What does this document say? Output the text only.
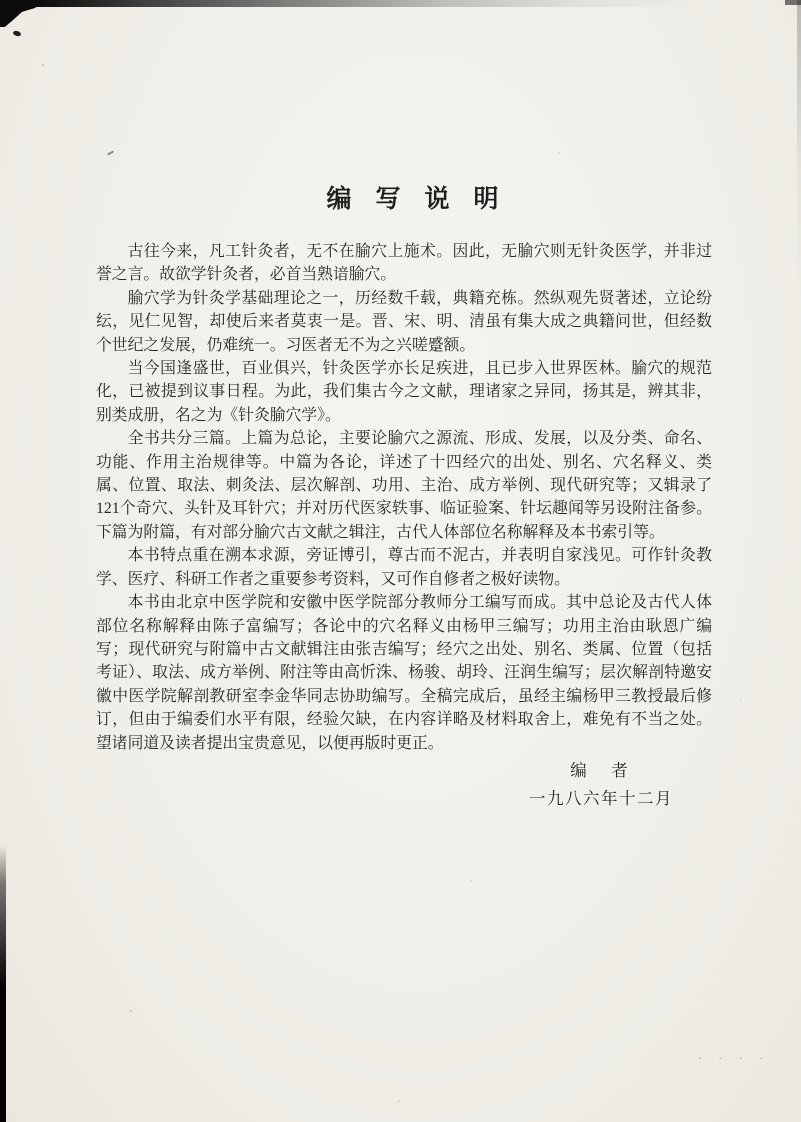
· · · ·
编写说明

古往今来，凡工针灸者，无不在腧穴上施术。因此，无腧穴则无针灸医学，并非过誉之言。故欲学针灸者，必首当熟谙腧穴。

腧穴学为针灸学基础理论之一，历经数千载，典籍充栋。然纵观先贤著述，立论纷纭，见仁见智，却使后来者莫衷一是。晋、宋、明、清虽有集大成之典籍问世，但经数个世纪之发展，仍难统一。习医者无不为之兴嗟蹙额。

当今国逢盛世，百业俱兴，针灸医学亦长足疾进，且已步入世界医林。腧穴的规范化，已被提到议事日程。为此，我们集古今之文献，理诸家之异同，扬其是，辨其非，别类成册，名之为《针灸腧穴学》。

全书共分三篇。上篇为总论，主要论腧穴之源流、形成、发展，以及分类、命名、功能、作用主治规律等。中篇为各论，详述了十四经穴的出处、别名、穴名释义、类属、位置、取法、刺灸法、层次解剖、功用、主治、成方举例、现代研究等；又辑录了121个奇穴、头针及耳针穴；并对历代医家轶事、临证验案、针坛趣闻等另设附注备参。下篇为附篇，有对部分腧穴古文献之辑注，古代人体部位名称解释及本书索引等。

本书特点重在溯本求源，旁证博引，尊古而不泥古，并表明自家浅见。可作针灸教学、医疗、科研工作者之重要参考资料，又可作自修者之极好读物。

本书由北京中医学院和安徽中医学院部分教师分工编写而成。其中总论及古代人体部位名称解释由陈子富编写；各论中的穴名释义由杨甲三编写；功用主治由耿恩广编写；现代研究与附篇中古文献辑注由张吉编写；经穴之出处、别名、类属、位置（包括考证）、取法、成方举例、附注等由高忻洙、杨骏、胡玲、汪润生编写；层次解剖特邀安徽中医学院解剖教研室李金华同志协助编写。全稿完成后，虽经主编杨甲三教授最后修订，但由于编委们水平有限，经验欠缺，在内容详略及材料取舍上，难免有不当之处。望诸同道及读者提出宝贵意见，以便再版时更正。

编　者
一九八六年十二月
